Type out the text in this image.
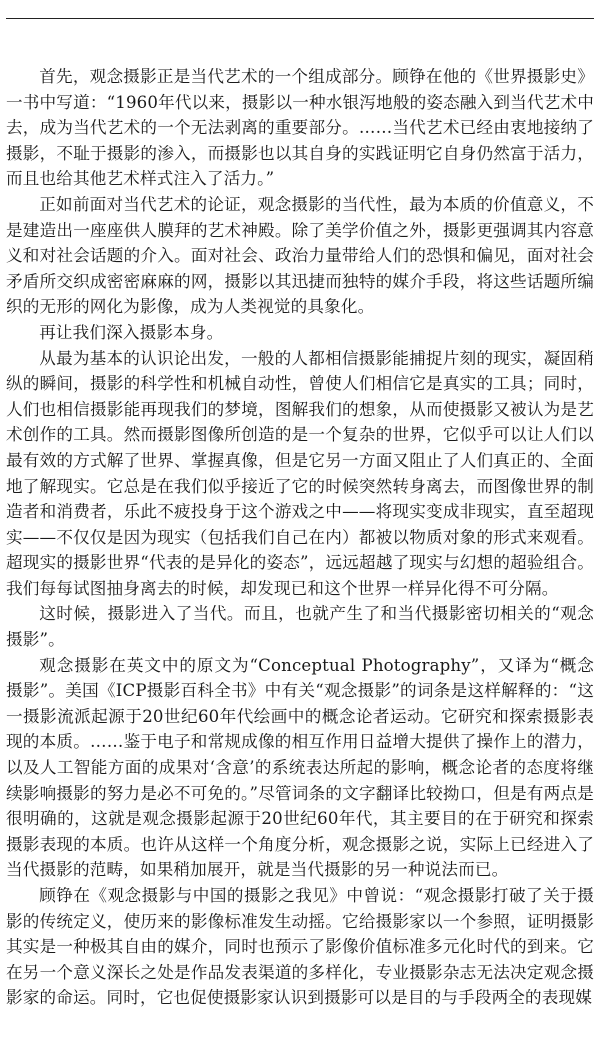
首先，观念摄影正是当代艺术的一个组成部分。顾铮在他的《世界摄影史》一书中写道：“1960年代以来，摄影以一种水银泻地般的姿态融入到当代艺术中去，成为当代艺术的一个无法剥离的重要部分。……当代艺术已经由衷地接纳了摄影，不耻于摄影的渗入，而摄影也以其自身的实践证明它自身仍然富于活力，而且也给其他艺术样式注入了活力。”

正如前面对当代艺术的论证，观念摄影的当代性，最为本质的价值意义，不是建造出一座座供人膜拜的艺术神殿。除了美学价值之外，摄影更强调其内容意义和对社会话题的介入。面对社会、政治力量带给人们的恐惧和偏见，面对社会矛盾所交织成密密麻麻的网，摄影以其迅捷而独特的媒介手段，将这些话题所编织的无形的网化为影像，成为人类视觉的具象化。

再让我们深入摄影本身。

从最为基本的认识论出发，一般的人都相信摄影能捕捉片刻的现实，凝固稍纵的瞬间，摄影的科学性和机械自动性，曾使人们相信它是真实的工具；同时，人们也相信摄影能再现我们的梦境，图解我们的想象，从而使摄影又被认为是艺术创作的工具。然而摄影图像所创造的是一个复杂的世界，它似乎可以让人们以最有效的方式解了世界、掌握真像，但是它另一方面又阻止了人们真正的、全面地了解现实。它总是在我们似乎接近了它的时候突然转身离去，而图像世界的制造者和消费者，乐此不疲投身于这个游戏之中——将现实变成非现实，直至超现实——不仅仅是因为现实（包括我们自己在内）都被以物质对象的形式来观看。超现实的摄影世界“代表的是异化的姿态”，远远超越了现实与幻想的超验组合。我们每每试图抽身离去的时候，却发现已和这个世界一样异化得不可分隔。

这时候，摄影进入了当代。而且，也就产生了和当代摄影密切相关的“观念摄影”。

观念摄影在英文中的原文为“Conceptual Photography”，又译为“概念摄影”。美国《ICP摄影百科全书》中有关“观念摄影”的词条是这样解释的：“这一摄影流派起源于20世纪60年代绘画中的概念论者运动。它研究和探索摄影表现的本质。……鉴于电子和常规成像的相互作用日益增大提供了操作上的潜力，以及人工智能方面的成果对‘含意’的系统表达所起的影响，概念论者的态度将继续影响摄影的努力是必不可免的。”尽管词条的文字翻译比较拗口，但是有两点是很明确的，这就是观念摄影起源于20世纪60年代，其主要目的在于研究和探索摄影表现的本质。也许从这样一个角度分析，观念摄影之说，实际上已经进入了当代摄影的范畴，如果稍加展开，就是当代摄影的另一种说法而已。

顾铮在《观念摄影与中国的摄影之我见》中曾说：“观念摄影打破了关于摄影的传统定义，使历来的影像标准发生动摇。它给摄影家以一个参照，证明摄影其实是一种极其自由的媒介，同时也预示了影像价值标准多元化时代的到来。它在另一个意义深长之处是作品发表渠道的多样化，专业摄影杂志无法决定观念摄影家的命运。同时，它也促使摄影家认识到摄影可以是目的与手段两全的表现媒
